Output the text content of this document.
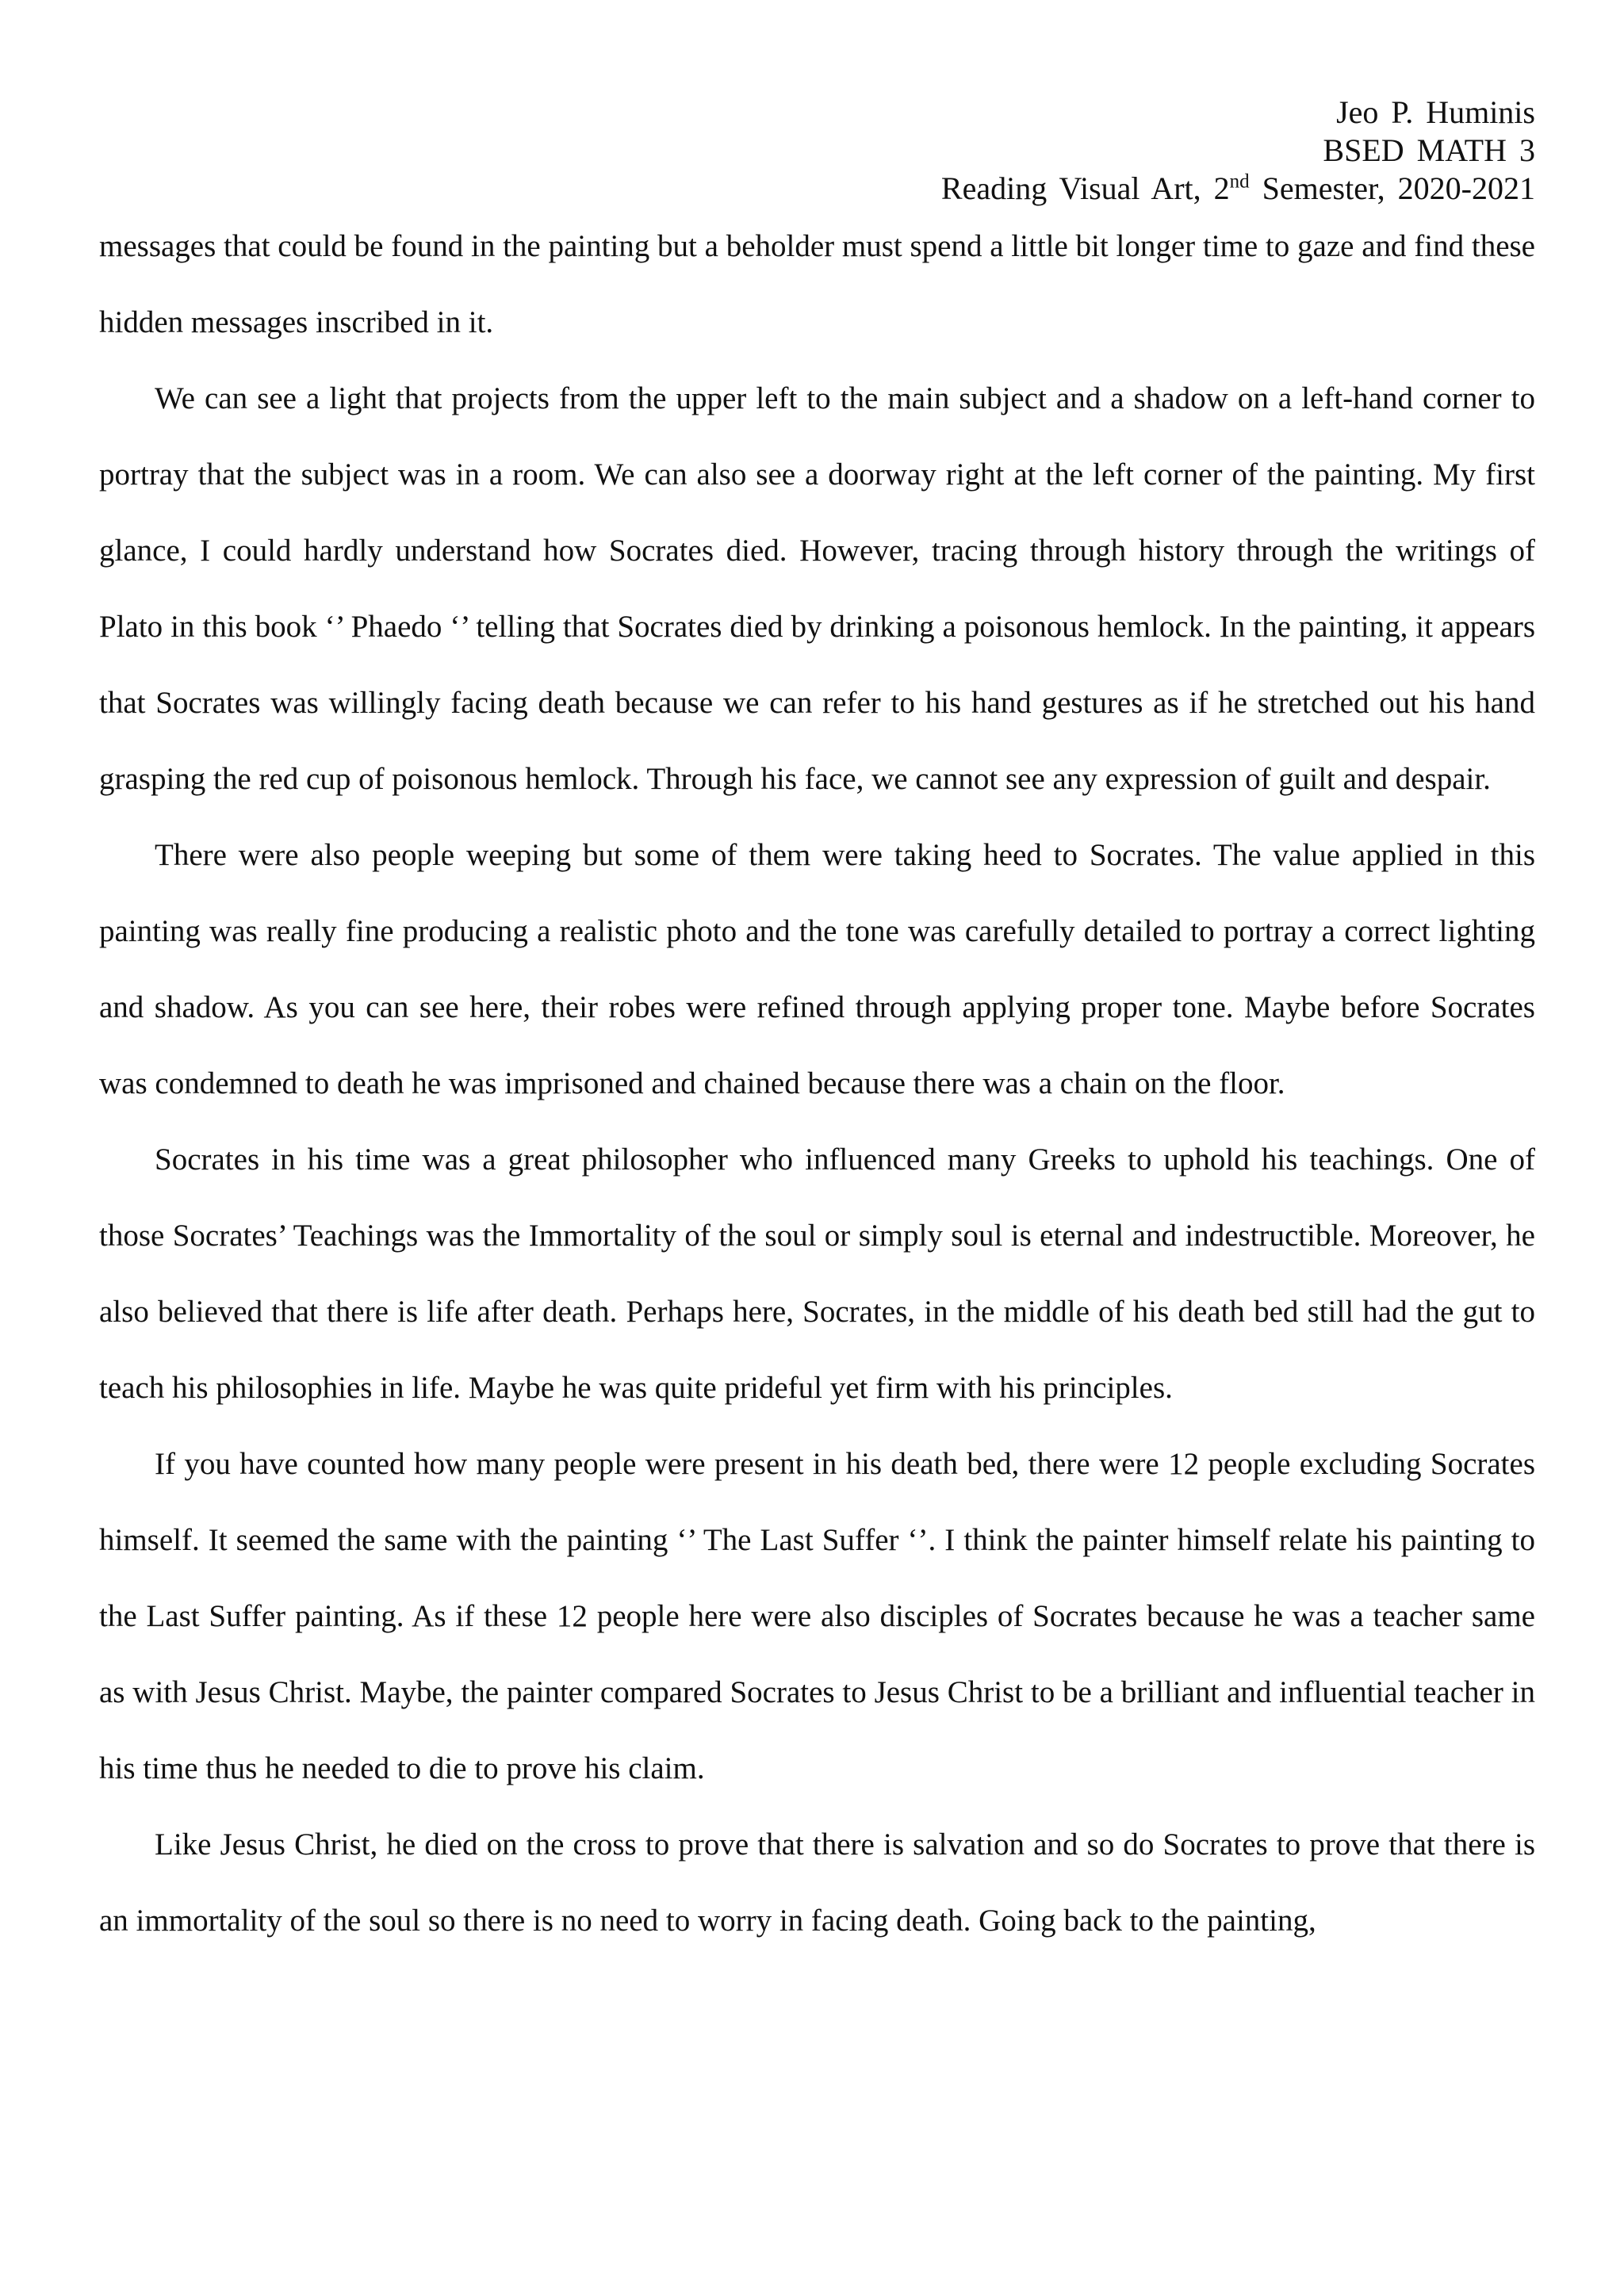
Jeo P. Huminis
BSED MATH 3
Reading Visual Art, 2nd Semester, 2020-2021

messages that could be found in the painting but a beholder must spend a little bit longer time to gaze and find these hidden messages inscribed in it.

We can see a light that projects from the upper left to the main subject and a shadow on a left-hand corner to portray that the subject was in a room. We can also see a doorway right at the left corner of the painting. My first glance, I could hardly understand how Socrates died. However, tracing through history through the writings of Plato in this book ‘’ Phaedo ‘’ telling that Socrates died by drinking a poisonous hemlock. In the painting, it appears that Socrates was willingly facing death because we can refer to his hand gestures as if he stretched out his hand grasping the red cup of poisonous hemlock. Through his face, we cannot see any expression of guilt and despair.

There were also people weeping but some of them were taking heed to Socrates. The value applied in this painting was really fine producing a realistic photo and the tone was carefully detailed to portray a correct lighting and shadow. As you can see here, their robes were refined through applying proper tone. Maybe before Socrates was condemned to death he was imprisoned and chained because there was a chain on the floor.

Socrates in his time was a great philosopher who influenced many Greeks to uphold his teachings. One of those Socrates’ Teachings was the Immortality of the soul or simply soul is eternal and indestructible. Moreover, he also believed that there is life after death. Perhaps here, Socrates, in the middle of his death bed still had the gut to teach his philosophies in life. Maybe he was quite prideful yet firm with his principles.

If you have counted how many people were present in his death bed, there were 12 people excluding Socrates himself. It seemed the same with the painting ‘’ The Last Suffer ‘’. I think the painter himself relate his painting to the Last Suffer painting. As if these 12 people here were also disciples of Socrates because he was a teacher same as with Jesus Christ. Maybe, the painter compared Socrates to Jesus Christ to be a brilliant and influential teacher in his time thus he needed to die to prove his claim.

Like Jesus Christ, he died on the cross to prove that there is salvation and so do Socrates to prove that there is an immortality of the soul so there is no need to worry in facing death. Going back to the painting,
